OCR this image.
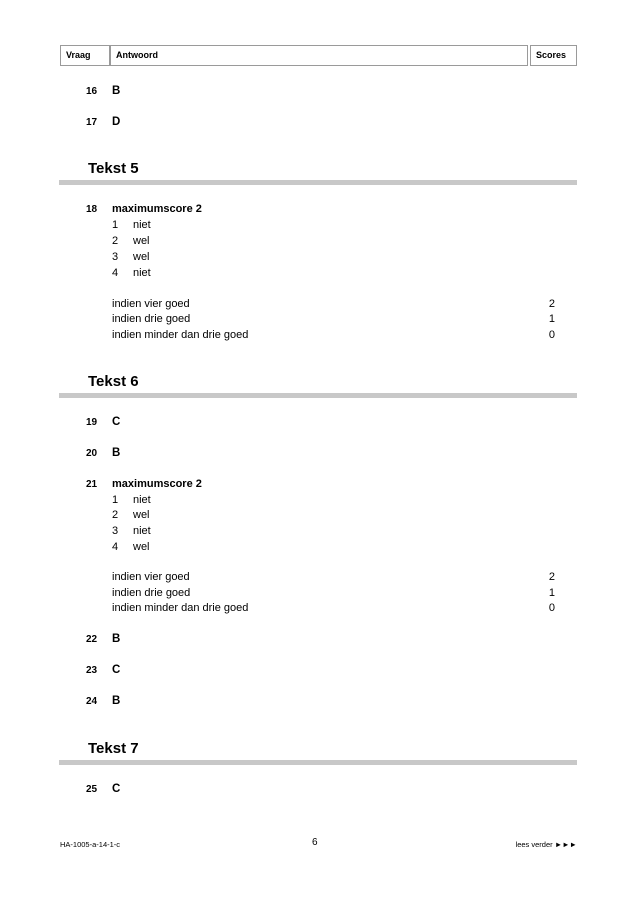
Vraag	Antwoord	Scores
16 B
17 D
Tekst 5
18 maximumscore 2
1 niet
2 wel
3 wel
4 niet
indien vier goed	2
indien drie goed	1
indien minder dan drie goed	0
Tekst 6
19 C
20 B
21 maximumscore 2
1 niet
2 wel
3 niet
4 wel
indien vier goed	2
indien drie goed	1
indien minder dan drie goed	0
22 B
23 C
24 B
Tekst 7
25 C
HA-1005-a-14-1-c	6	lees verder ►►►
